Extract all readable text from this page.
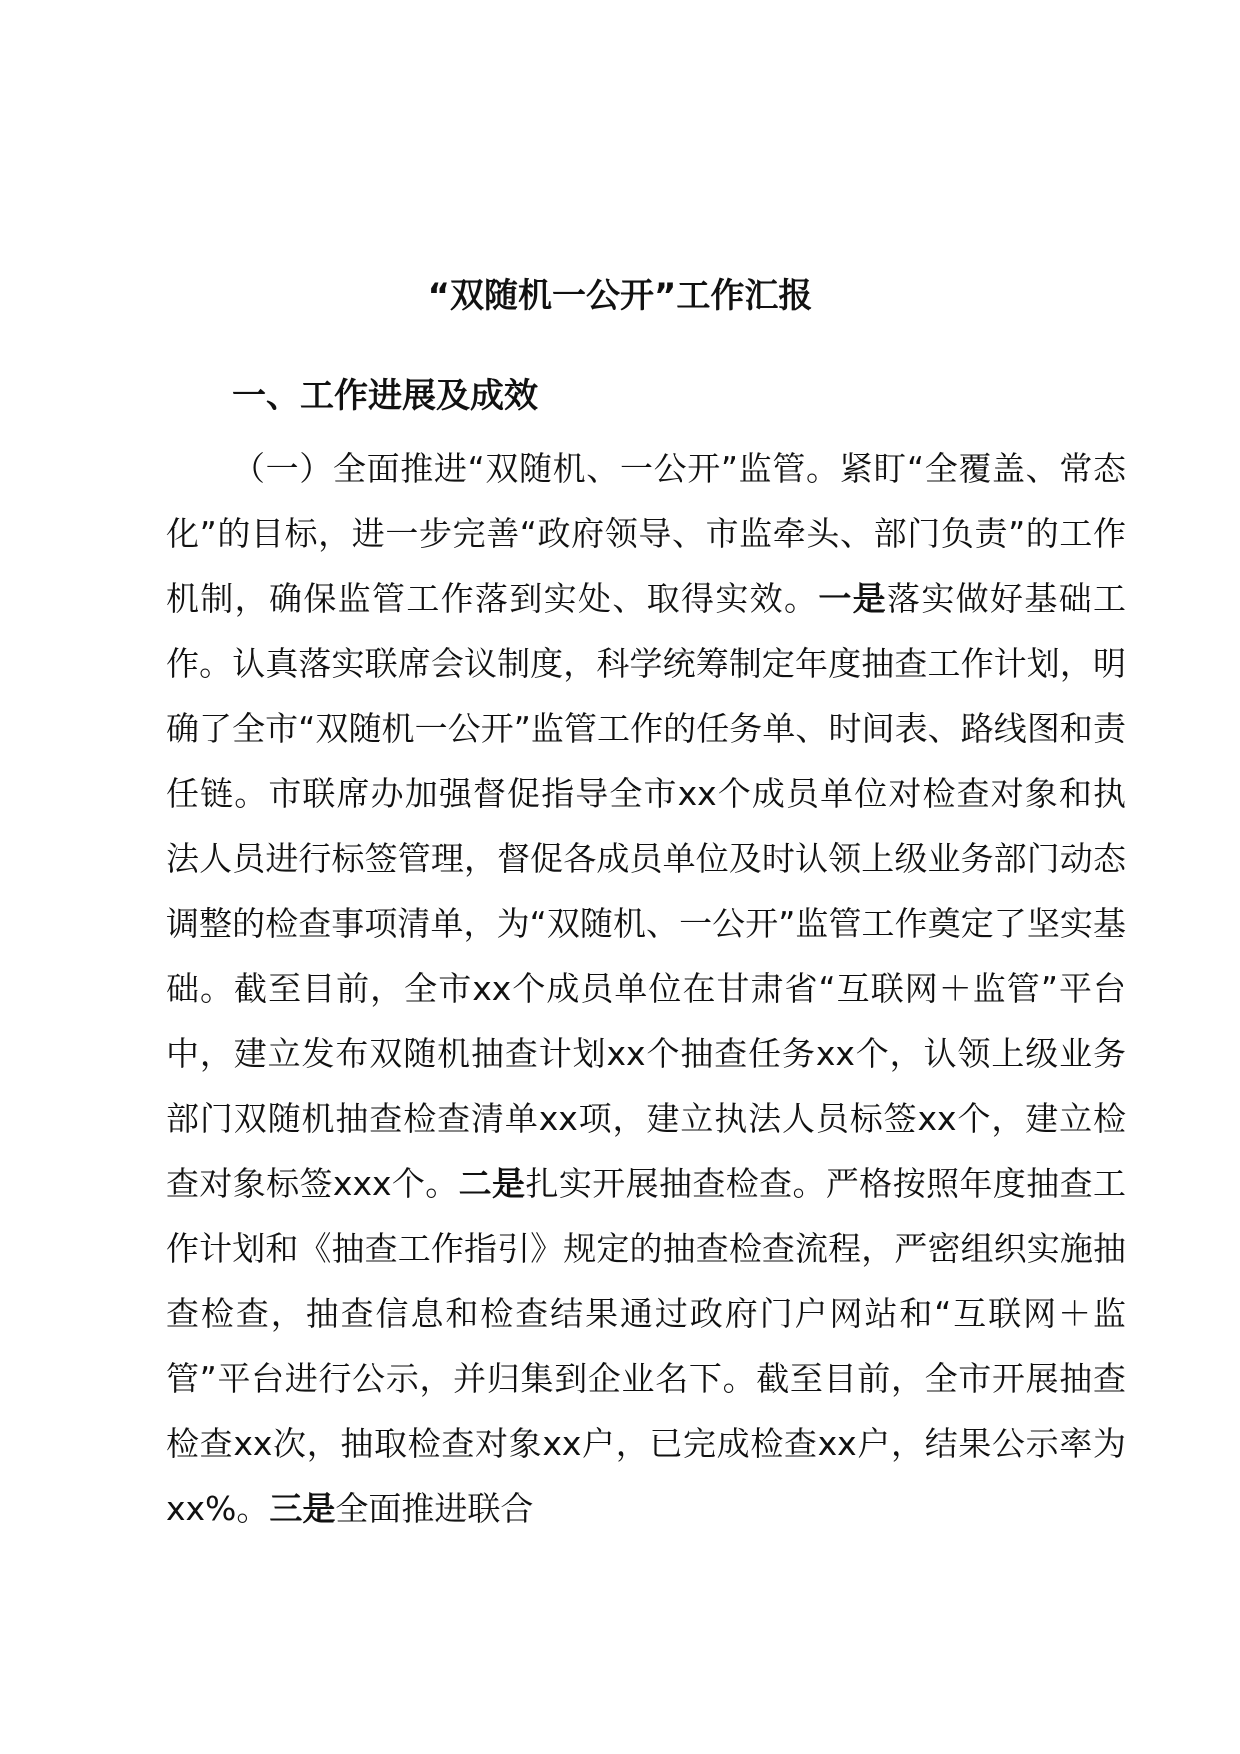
“双随机一公开”工作汇报
一、工作进展及成效

（一）全面推进“双随机、一公开”监管。紧盯“全覆盖、常态化”的目标，进一步完善“政府领导、市监牵头、部门负责”的工作机制，确保监管工作落到实处、取得实效。一是落实做好基础工作。认真落实联席会议制度，科学统筹制定年度抽查工作计划，明确了全市“双随机一公开”监管工作的任务单、时间表、路线图和责任链。市联席办加强督促指导全市xx个成员单位对检查对象和执法人员进行标签管理，督促各成员单位及时认领上级业务部门动态调整的检查事项清单，为“双随机、一公开”监管工作奠定了坚实基础。截至目前，全市xx个成员单位在甘肃省“互联网＋监管”平台中，建立发布双随机抽查计划xx个抽查任务xx个，认领上级业务部门双随机抽查检查清单xx项，建立执法人员标签xx个，建立检查对象标签xxx个。二是扎实开展抽查检查。严格按照年度抽查工作计划和《抽查工作指引》规定的抽查检查流程，严密组织实施抽查检查，抽查信息和检查结果通过政府门户网站和“互联网＋监管”平台进行公示，并归集到企业名下。截至目前，全市开展抽查检查xx次，抽取检查对象xx户，已完成检查xx户，结果公示率为xx%。三是全面推进联合
